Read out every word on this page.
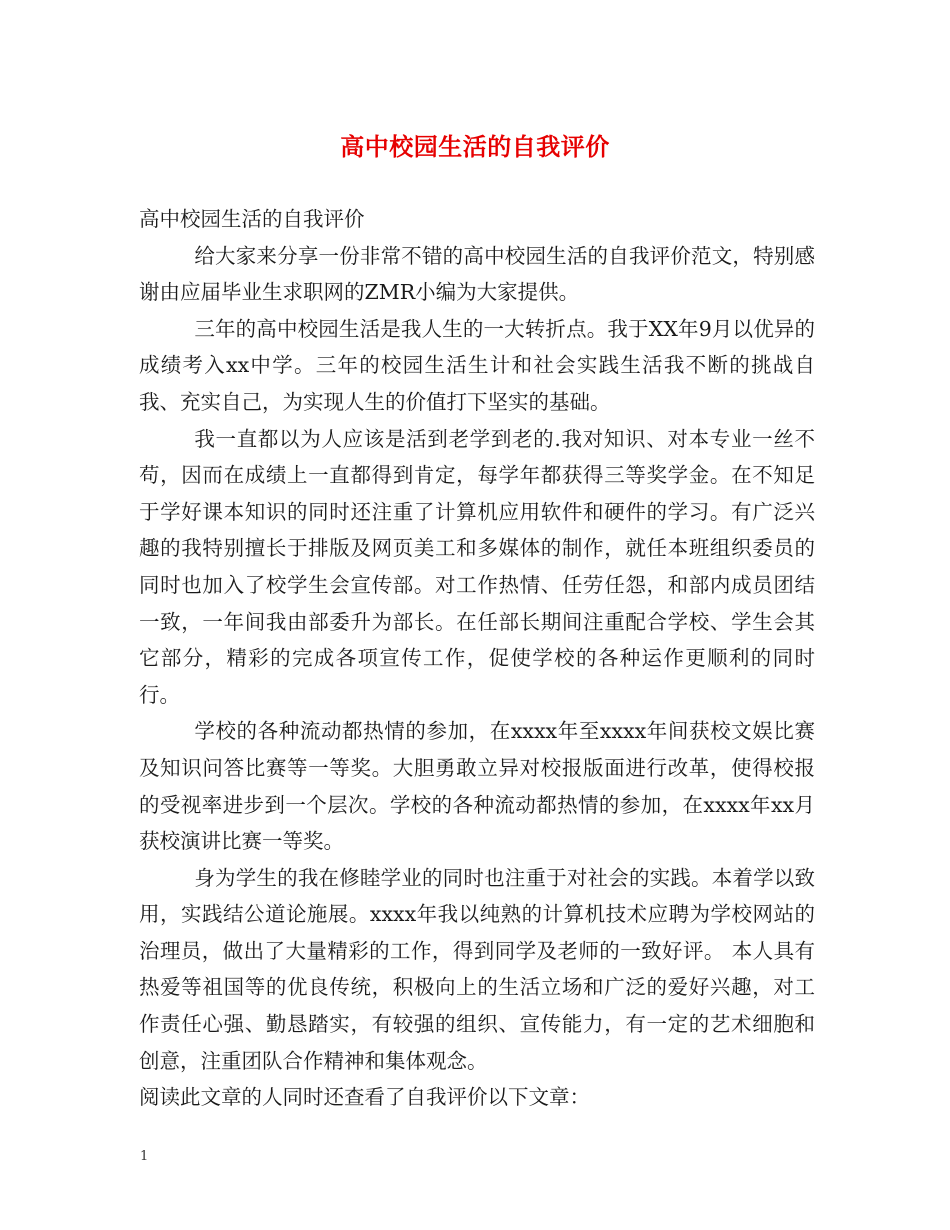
高中校园生活的自我评价

高中校园生活的自我评价

给大家来分享一份非常不错的高中校园生活的自我评价范文，特别感谢由应届毕业生求职网的ZMR小编为大家提供。

三年的高中校园生活是我人生的一大转折点。我于XX年9月以优异的成绩考入xx中学。三年的校园生活生计和社会实践生活我不断的挑战自我、充实自己，为实现人生的价值打下坚实的基础。

我一直都以为人应该是活到老学到老的.我对知识、对本专业一丝不苟，因而在成绩上一直都得到肯定，每学年都获得三等奖学金。在不知足于学好课本知识的同时还注重了计算机应用软件和硬件的学习。有广泛兴趣的我特别擅长于排版及网页美工和多媒体的制作，就任本班组织委员的同时也加入了校学生会宣传部。对工作热情、任劳任怨，和部内成员团结一致，一年间我由部委升为部长。在任部长期间注重配合学校、学生会其它部分，精彩的完成各项宣传工作，促使学校的各种运作更顺利的同时行。

学校的各种流动都热情的参加，在xxxx年至xxxx年间获校文娱比赛及知识问答比赛等一等奖。大胆勇敢立异对校报版面进行改革，使得校报的受视率进步到一个层次。学校的各种流动都热情的参加，在xxxx年xx月获校演讲比赛一等奖。

身为学生的我在修睦学业的同时也注重于对社会的实践。本着学以致用，实践结公道论施展。xxxx年我以纯熟的计算机技术应聘为学校网站的治理员，做出了大量精彩的工作，得到同学及老师的一致好评。 本人具有热爱等祖国等的优良传统，积极向上的生活立场和广泛的爱好兴趣，对工作责任心强、勤恳踏实，有较强的组织、宣传能力，有一定的艺术细胞和创意，注重团队合作精神和集体观念。

阅读此文章的人同时还查看了自我评价以下文章：

1
